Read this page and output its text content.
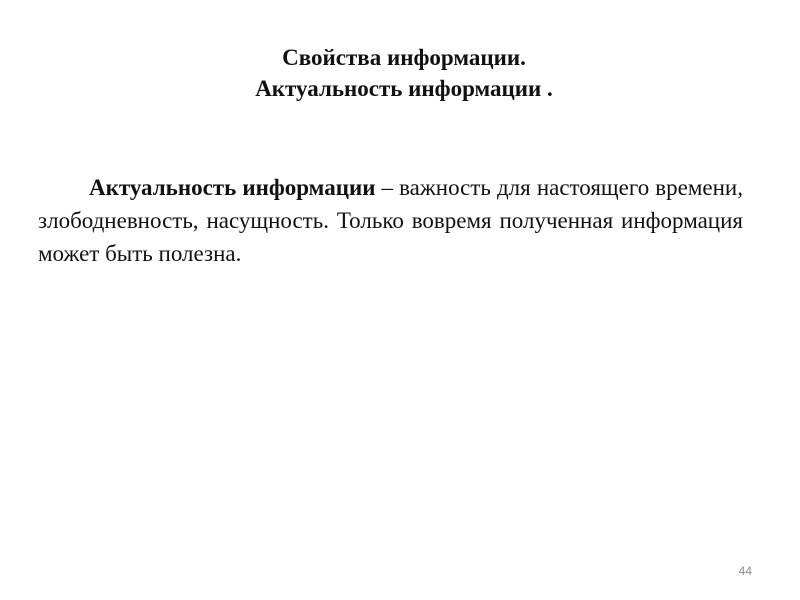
Свойства информации.
Актуальность информации .

Актуальность информации – важность для настоящего времени, злободневность, насущность. Только вовремя полученная информация может быть полезна.

44
